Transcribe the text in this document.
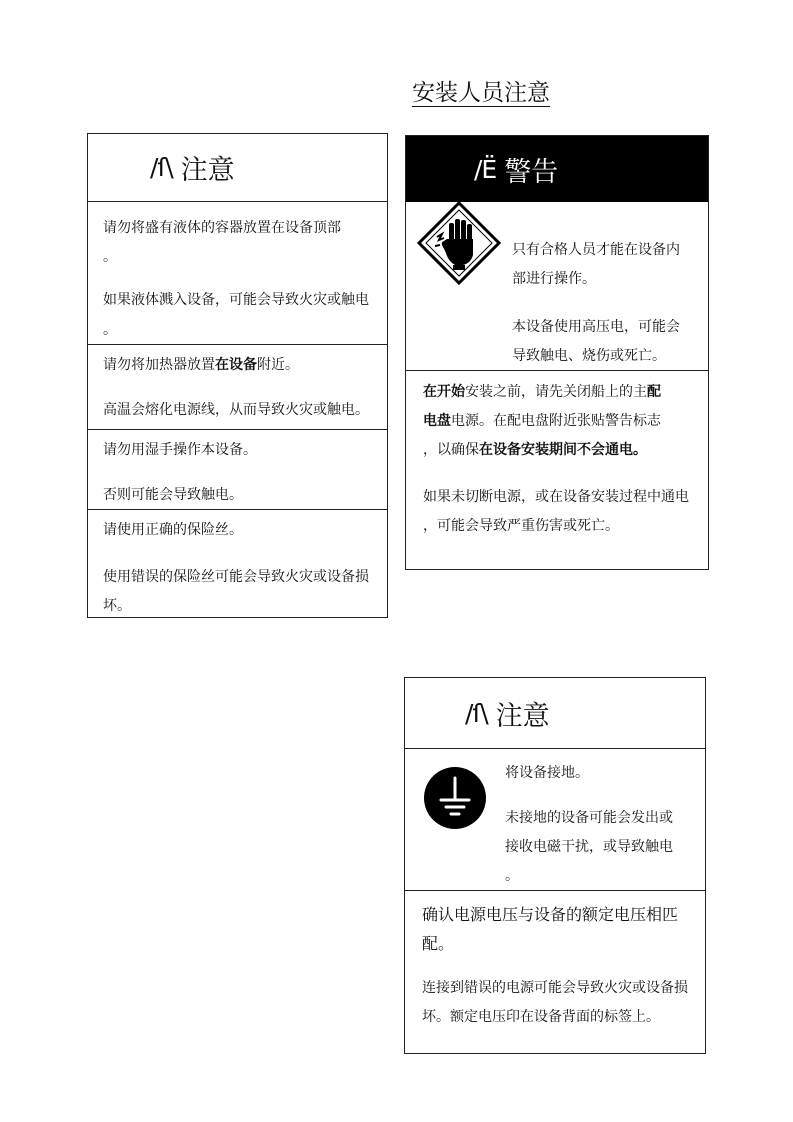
安装人员注意
/ſ\ 注意
请勿将盛有液体的容器放置在设备顶部
。
如果液体溅入设备，可能会导致火灾或触电
。
请勿将加热器放置在设备附近。
高温会熔化电源线，从而导致火灾或触电。
请勿用湿手操作本设备。
否则可能会导致触电。
请使用正确的保险丝。
使用错误的保险丝可能会导致火灾或设备损
坏。
/Ë 警告
只有合格人员才能在设备内
部进行操作。
本设备使用高压电，可能会
导致触电、烧伤或死亡。
在开始安装之前，请先关闭船上的主配
电盘电源。在配电盘附近张贴警告标志
，以确保在设备安装期间不会通电。
如果未切断电源，或在设备安装过程中通电
，可能会导致严重伤害或死亡。
/ſ\ 注意
将设备接地。
未接地的设备可能会发出或
接收电磁干扰，或导致触电
。
确认电源电压与设备的额定电压相匹
配。
连接到错误的电源可能会导致火灾或设备损
坏。额定电压印在设备背面的标签上。
